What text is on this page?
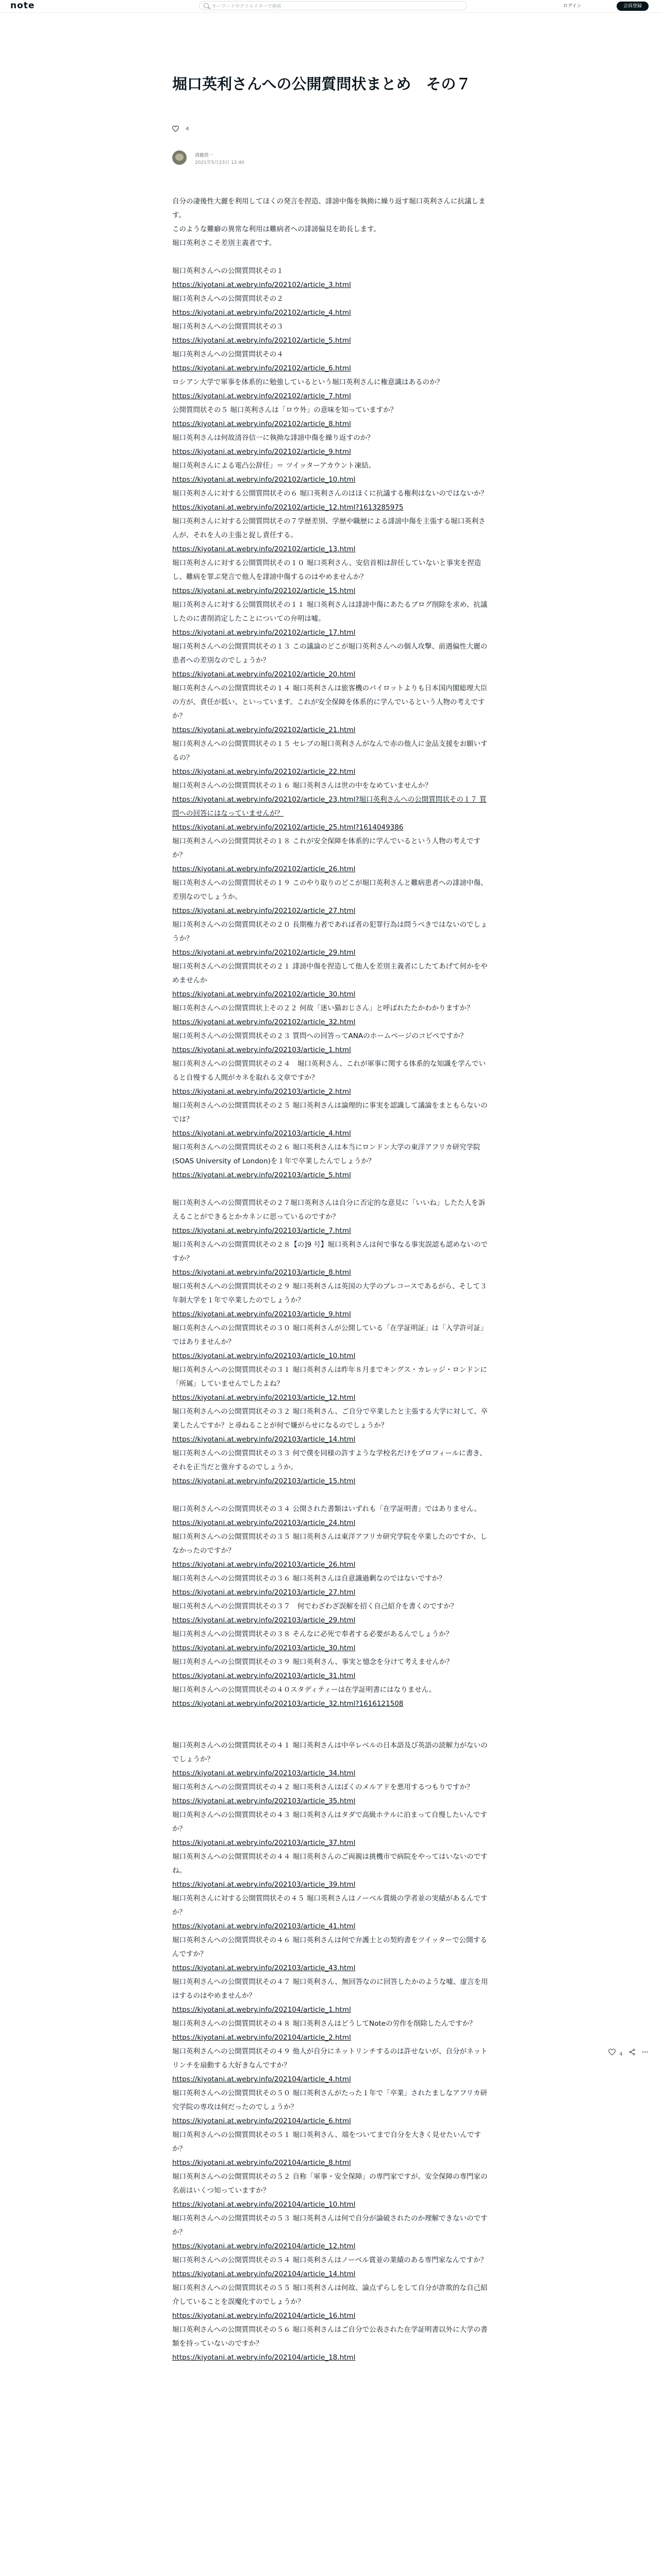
note	キーワードやクリエイターで検索	ログイン	会員登録
堀口英利さんへの公開質問状まとめ　その７
4
清鹿佳一
2021年5月23日 12:40
自分の凄後性大麗を利用してほくの発言を捏造、誹謗中傷を執拗に繰り返す堀口英利さんに抗議します。
このような難癖の異常な利用は難病者への誹謗偏見を助長します。
堀口英利さこそ差別主義者です。
堀口英利さんへの公開質問状その１
https://kiyotani.at.webry.info/202102/article_3.html
堀口英利さんへの公開質問状その２
https://kiyotani.at.webry.info/202102/article_4.html
堀口英利さんへの公開質問状その３
https://kiyotani.at.webry.info/202102/article_5.html
堀口英利さんへの公開質問状その４
https://kiyotani.at.webry.info/202102/article_6.html
ロシアン大学で軍事を体系的に勉強しているという堀口英利さんに権意識はあるのか？
https://kiyotani.at.webry.info/202102/article_7.html
公開質問状その５ 堀口英利さんは「ロウ外」の意味を知っていますか？
https://kiyotani.at.webry.info/202102/article_8.html
堀口英利さんは何故清谷信一に執拗な誹謗中傷を繰り返すのか？
https://kiyotani.at.webry.info/202102/article_9.html
堀口英利さんによる電凸公辞任」＝ ツイッターアカウント凍結。
https://kiyotani.at.webry.info/202102/article_10.html
堀口英利さんに対する公開質問状その６ 堀口英利さんのはほくに抗議する権利はないのではないか？
https://kiyotani.at.webry.info/202102/article_12.html?1613285975
堀口英利さんに対する公開質問状その７学歴差別、学歴や職歴による誹謗中傷を主張する堀口英利さんが、それを人の主張と捉し責任する。
https://kiyotani.at.webry.info/202102/article_13.html
堀口英利さんに対する公開質問状その１０ 堀口英利さん、安倍首相は辞任していないと事実を捏造し、難病を罪ぶ発言で他人を誹謗中傷するのはやめませんか？
https://kiyotani.at.webry.info/202102/article_15.html
堀口英利さんに対する公開質問状その１１ 堀口英利さんは誹謗中傷にあたるブログ削除を求め、抗議したのに書削消定したことについての弁明は噓。
https://kiyotani.at.webry.info/202102/article_17.html
堀口英利さんへの公開質問状その１３ この議論のどこが堀口英利さんへの個人攻撃、前遇偏性大麗の患者への差別なのでしょうか？
https://kiyotani.at.webry.info/202102/article_20.html
堀口英利さんへの公開質問状その１４ 堀口英利さんは旅客機のパイロットよりも日本国内閣総理大臣の方が、責任が低い、といっています。これが安全保障を体系的に学んでいるという人物の考えですか？
https://kiyotani.at.webry.info/202102/article_21.html
堀口英利さんへの公開質問状その１５ セレブの堀口英利さんがなんで赤の他人に金品支援をお願いするの？
https://kiyotani.at.webry.info/202102/article_22.html
堀口英利さんへの公開質問状その１６ 堀口英利さんは世の中をなめていませんか？
https://kiyotani.at.webry.info/202102/article_23.html?堀口英利さんへの公開質問状その１７ 質問への回答にはなっていませんが？
https://kiyotani.at.webry.info/202102/article_25.html?1614049386
堀口英利さんへの公開質問状その１８ これが安全保障を体系的に学んでいるという人物の考えですか？
https://kiyotani.at.webry.info/202102/article_26.html
堀口英利さんへの公開質問状その１９ このやり取りのどこが堀口英利さんと難病患者への誹謗中傷、差別なのでしょうか。
https://kiyotani.at.webry.info/202102/article_27.html
堀口英利さんへの公開質問状その２０ 長期権力者であれば者の犯罪行為は問うべきではないのでしょうか？
https://kiyotani.at.webry.info/202102/article_29.html
堀口英利さんへの公開質問状その２１ 誹謗中傷を捏造して他人を差別主義者にしたてあげて何かをやめませんか
https://kiyotani.at.webry.info/202102/article_30.html
堀口英利さんへの公開質問状上その２２ 何故「迷い猫おじさん」と呼ばれたたかわかりますか？
https://kiyotani.at.webry.info/202102/article_32.html
堀口英利さんへの公開質問状その２３ 質問への回答ってANAのホームページのコピペですか？
https://kiyotani.at.webry.info/202103/article_1.html
堀口英利さんへの公開質問状その２４　堀口英利さん、これが軍事に関する体系的な知識を学んでいると自慢する人間がカネを取れる文章ですか？
https://kiyotani.at.webry.info/202103/article_2.html
堀口英利さんへの公開質問状その２５ 堀口英利さんは論理的に事実を認識して議論をまともらないのでは？
https://kiyotani.at.webry.info/202103/article_4.html
堀口英利さんへの公開質問状その２６ 堀口英利さんは本当にロンドン大学の東洋アフリカ研究学院(SOAS University of London)を１年で卒業したんでしょうか？
https://kiyotani.at.webry.info/202103/article_5.html
堀口英利さんへの公開質問状その２７堀口英利さんは自分に否定的な意見に「いいね」したた人を訴えることができるとかカネンに思っているのですか？
https://kiyotani.at.webry.info/202103/article_7.html
堀口英利さんへの公開質問状その２８【の]9 号】堀口英利さんは何で事なる事実誤認も認めないのですか？
https://kiyotani.at.webry.info/202103/article_8.html
堀口英利さんへの公開質問状その２９ 堀口英利さんは英国の大学のプレコースであるがら、そして３年制大学を１年で卒業したのでしょうか？
https://kiyotani.at.webry.info/202103/article_9.html
堀口英利さんへの公開質問状その３０ 堀口英利さんが公開している「在学証明証」は「入学許可証」ではありませんか？
https://kiyotani.at.webry.info/202103/article_10.html
堀口英利さんへの公開質問状その３１ 堀口英利さんは昨年８月までキングス・カレッジ・ロンドンに「所属」していませんでしたよね？
https://kiyotani.at.webry.info/202103/article_12.html
堀口英利さんへの公開質問状その３２ 堀口英利さん、ご自分で卒業したと主張する大学に対して、卒業したんですか？と尋ねることが何で嫌がらせになるのでしょうか？
https://kiyotani.at.webry.info/202103/article_14.html
堀口英利さんへの公開質問状その３３ 何で僕を同様の許すような学校名だけをプロフィールに書き、それを正当だと強弁するのでしょうか。
https://kiyotani.at.webry.info/202103/article_15.html
堀口英利さんへの公開質問状その３４ 公開された書類はいずれも「在学証明書」ではありません。
https://kiyotani.at.webry.info/202103/article_24.html
堀口英利さんへの公開質問状その３５ 堀口英利さんは東洋アフリカ研究学院を卒業したのですか、しなかったのですか？
https://kiyotani.at.webry.info/202103/article_26.html
堀口英利さんへの公開質問状その３６ 堀口英利さんは自意識過剰なのではないですか？
https://kiyotani.at.webry.info/202103/article_27.html
堀口英利さんへの公開質問状その３７　何でわざわざ誤解を招く自己紹介を書くのですか？
https://kiyotani.at.webry.info/202103/article_29.html
堀口英利さんへの公開質問状その３８ そんなに必死で奉者する必要があるんでしょうか？
https://kiyotani.at.webry.info/202103/article_30.html
堀口英利さんへの公開質問状その３９ 堀口英利さん、事実と憶念を分けて考えませんか？
https://kiyotani.at.webry.info/202103/article_31.html
堀口英利さんへの公開質問状その４０スタディティーは在学証明書にはなりません。
https://kiyotani.at.webry.info/202103/article_32.html?1616121508
堀口英利さんへの公開質問状その４１ 堀口英利さんは中卒レベルの日本語及び英語の読解力がないのでしょうか？
https://kiyotani.at.webry.info/202103/article_34.html
堀口英利さんへの公開質問状その４２ 堀口英利さんはぼくのメルアドを悪用するつもりですか？
https://kiyotani.at.webry.info/202103/article_35.html
堀口英利さんへの公開質問状その４３ 堀口英利さんはタダで高級ホテルに泊まって自慢したいんですか？
https://kiyotani.at.webry.info/202103/article_37.html
堀口英利さんへの公開質問状その４４ 堀口英利さんのご両親は挑機市で病院をやってはいないのですね。
https://kiyotani.at.webry.info/202103/article_39.html
堀口英利さんに対する公開質問状その４５ 堀口英利さんはノーベル賞級の学者並の実績があるんですか？
https://kiyotani.at.webry.info/202103/article_41.html
堀口英利さんへの公開質問状その４６ 堀口英利さんは何で弁護士との契約書をツイッターで公開するんですか？
https://kiyotani.at.webry.info/202103/article_43.html
堀口英利さんへの公開質問状その４７ 堀口英利さん、無回答なのに回答したかのような噓、虚言を用はするのはやめませんか？
https://kiyotani.at.webry.info/202104/article_1.html
堀口英利さんへの公開質問状その４８ 堀口英利さんはどうしてNoteの労作を削除したんですか？
https://kiyotani.at.webry.info/202104/article_2.html
堀口英利さんへの公開質問状その４９ 他人が自分にネットリンチするのは許せないが、自分がネットリンチを扇動する大好きなんですか？
https://kiyotani.at.webry.info/202104/article_4.html
堀口英利さんへの公開質問状その５０ 堀口英利さんがたった１年で「卒業」されたましなアフリカ研究学院の専攻は何だったのでしょうか？
https://kiyotani.at.webry.info/202104/article_6.html
堀口英利さんへの公開質問状その５１ 堀口英利さん、端をついてまで自分を大きく見せたいんですか？
https://kiyotani.at.webry.info/202104/article_8.html
堀口英利さんへの公開質問状その５２ 自称「軍事・安全保障」の専門家ですが、安全保障の専門家の名前はいくつ知っていますか？
https://kiyotani.at.webry.info/202104/article_10.html
堀口英利さんへの公開質問状その５３ 堀口英利さんは何で自分が論破されたのか理解できないのですか？
https://kiyotani.at.webry.info/202104/article_12.html
堀口英利さんへの公開質問状その５４ 堀口英利さんはノーベル賞並の業績のある専門家なんですか？
https://kiyotani.at.webry.info/202104/article_14.html
堀口英利さんへの公開質問状その５５ 堀口英利さんは何故、論点ずらしをして自分が詐欺的な自己紹介していることを誤魔化すのでしょうか？
https://kiyotani.at.webry.info/202104/article_16.html
堀口英利さんへの公開質問状その５６ 堀口英利さんはご自分で公表された在学証明書以外に大学の書類を持っていないのですか？
https://kiyotani.at.webry.info/202104/article_18.html
4
